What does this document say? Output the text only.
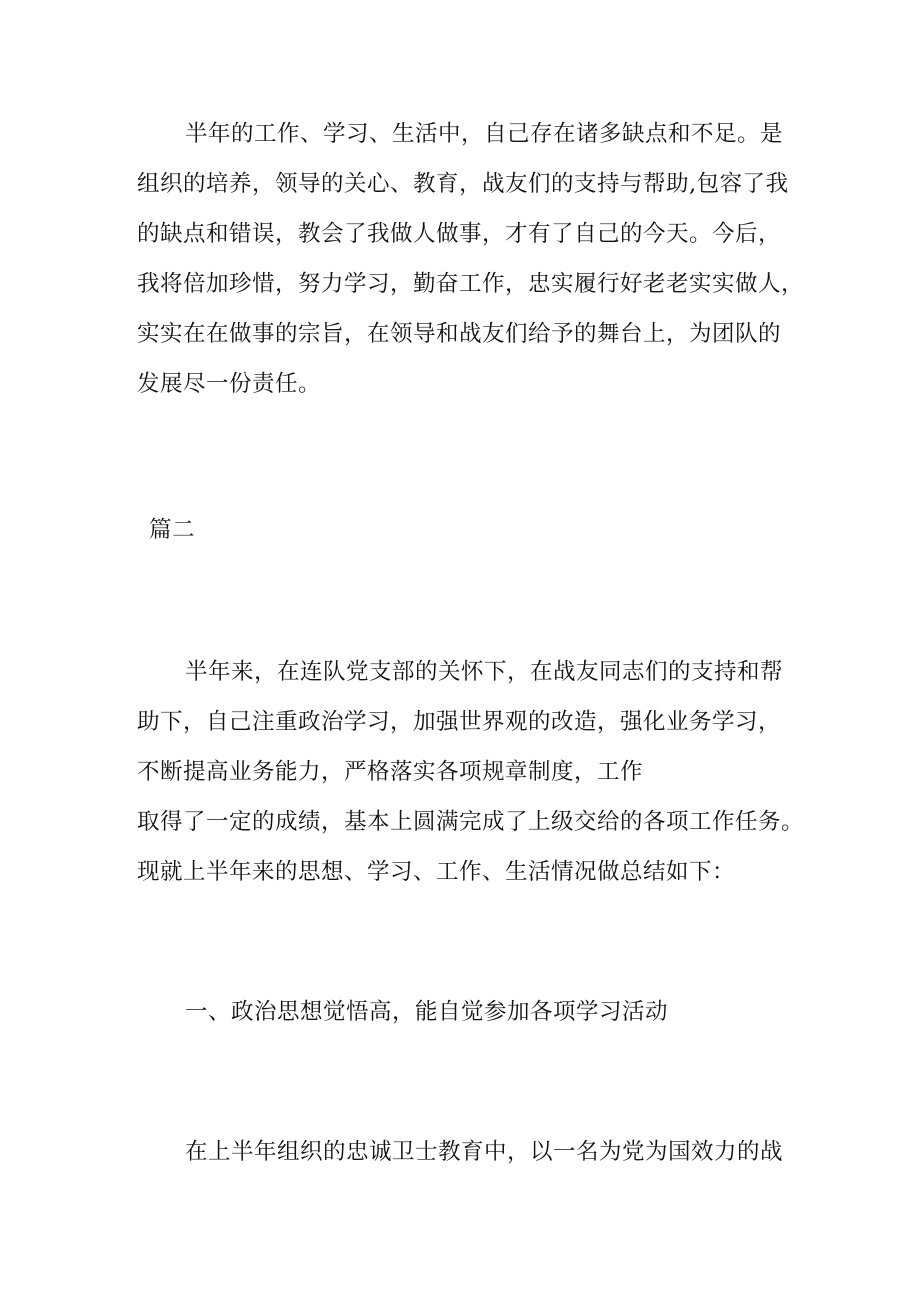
半年的工作、学习、生活中，自己存在诸多缺点和不足。是
组织的培养，领导的关心、教育，战友们的支持与帮助,包容了我
的缺点和错误，教会了我做人做事，才有了自己的今天。今后，
我将倍加珍惜，努力学习，勤奋工作，忠实履行好老老实实做人，
实实在在做事的宗旨，在领导和战友们给予的舞台上，为团队的
发展尽一份责任。
篇二
半年来，在连队党支部的关怀下，在战友同志们的支持和帮
助下，自己注重政治学习，加强世界观的改造，强化业务学习，
不断提高业务能力，严格落实各项规章制度，工作
取得了一定的成绩，基本上圆满完成了上级交给的各项工作任务。
现就上半年来的思想、学习、工作、生活情况做总结如下：
一、政治思想觉悟高，能自觉参加各项学习活动
在上半年组织的忠诚卫士教育中，以一名为党为国效力的战
